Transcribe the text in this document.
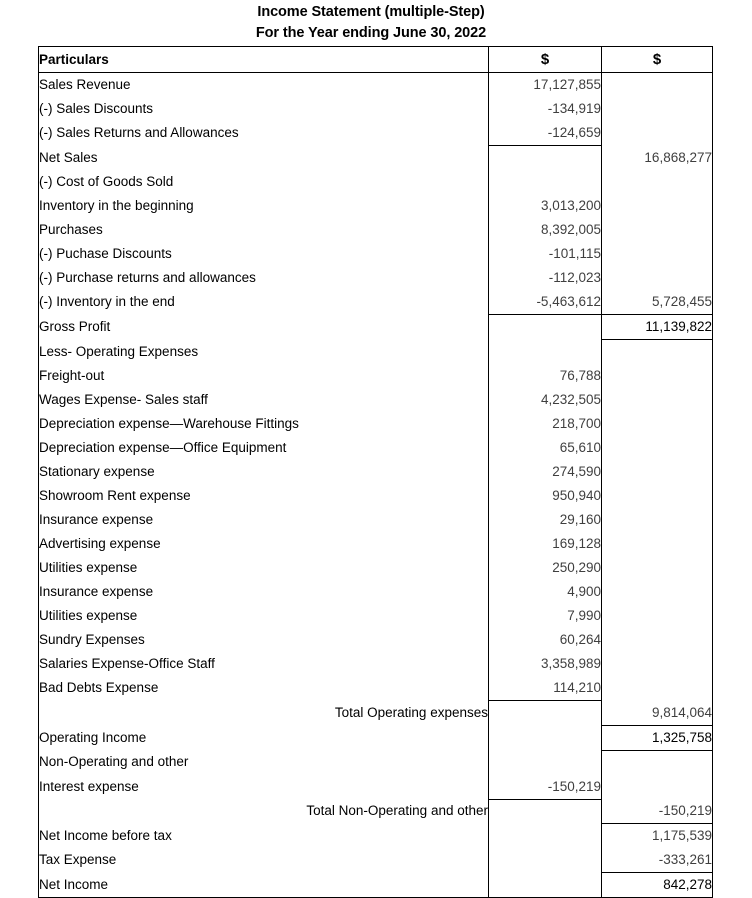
Income Statement (multiple-Step)
For the Year ending June 30, 2022
Particulars	$	$
Sales Revenue	17,127,855	
(-) Sales Discounts	-134,919	
(-) Sales Returns and Allowances	-124,659	
Net Sales		16,868,277
(-) Cost of Goods Sold		
Inventory in the beginning	3,013,200	
Purchases	8,392,005	
(-) Puchase Discounts	-101,115	
(-) Purchase returns and allowances	-112,023	
(-) Inventory in the end	-5,463,612	5,728,455
Gross Profit		11,139,822
Less- Operating Expenses		
Freight-out	76,788	
Wages Expense- Sales staff	4,232,505	
Depreciation expense—Warehouse Fittings	218,700	
Depreciation expense—Office Equipment	65,610	
Stationary expense	274,590	
Showroom Rent expense	950,940	
Insurance expense	29,160	
Advertising expense	169,128	
Utilities expense	250,290	
Insurance expense	4,900	
Utilities expense	7,990	
Sundry Expenses	60,264	
Salaries Expense-Office Staff	3,358,989	
Bad Debts Expense	114,210	
Total Operating expenses		9,814,064
Operating Income		1,325,758
Non-Operating and other		
Interest expense	-150,219	
Total Non-Operating and other		-150,219
Net Income before tax		1,175,539
Tax Expense		-333,261
Net Income		842,278
